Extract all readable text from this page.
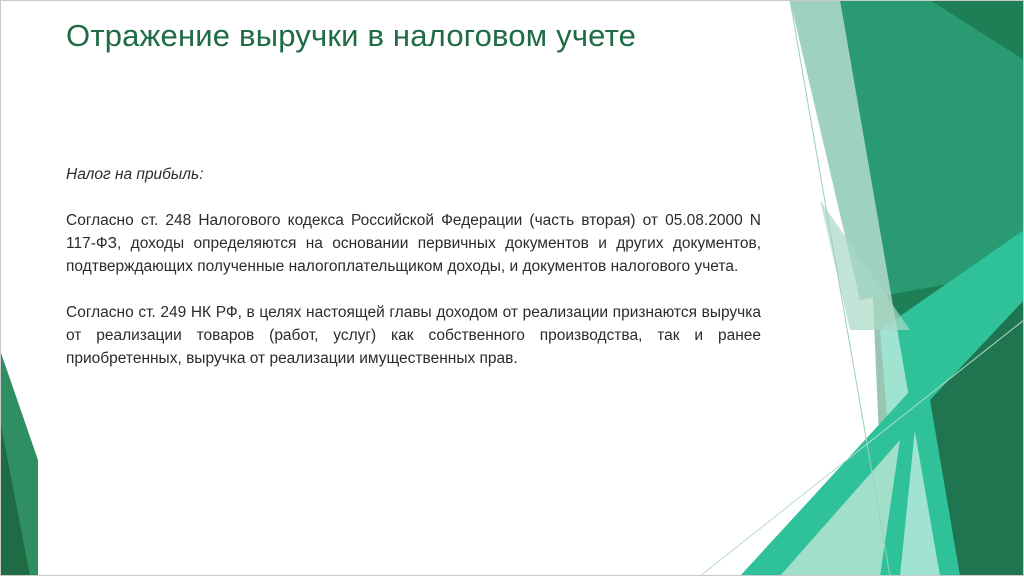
Отражение выручки в налоговом учете

Налог на прибыль:

Согласно ст. 248 Налогового кодекса Российской Федерации (часть вторая) от 05.08.2000 N 117-ФЗ, доходы определяются на основании первичных документов и других документов, подтверждающих полученные налогоплательщиком доходы, и документов налогового учета.

Согласно ст. 249 НК РФ, в целях настоящей главы доходом от реализации признаются выручка от реализации товаров (работ, услуг) как собственного производства, так и ранее приобретенных, выручка от реализации имущественных прав.
